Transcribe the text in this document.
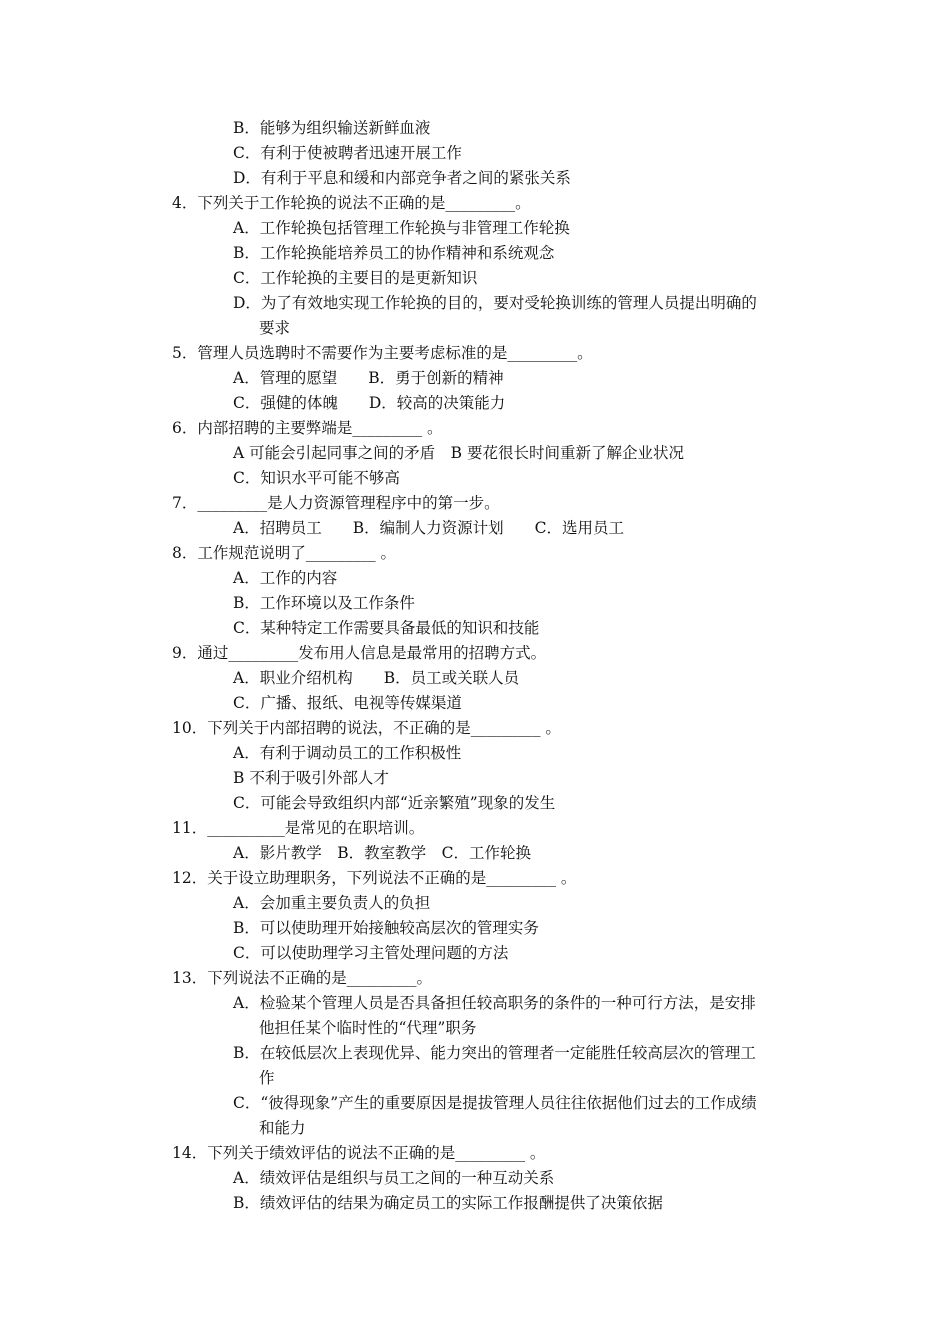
B．能够为组织输送新鲜血液
C．有利于使被聘者迅速开展工作
D．有利于平息和缓和内部竞争者之间的紧张关系
4．下列关于工作轮换的说法不正确的是_________。
A．工作轮换包括管理工作轮换与非管理工作轮换
B．工作轮换能培养员工的协作精神和系统观念
C．工作轮换的主要目的是更新知识
D．为了有效地实现工作轮换的目的，要对受轮换训练的管理人员提出明确的
要求
5．管理人员选聘时不需要作为主要考虑标准的是_________。
A．管理的愿望　　B．勇于创新的精神
C．强健的体魄　　D．较高的决策能力
6．内部招聘的主要弊端是_________ 。
A 可能会引起同事之间的矛盾　B 要花很长时间重新了解企业状况
C．知识水平可能不够高
7．_________是人力资源管理程序中的第一步。
A．招聘员工　　B．编制人力资源计划　　C．选用员工
8．工作规范说明了_________ 。
A．工作的内容
B．工作环境以及工作条件
C．某种特定工作需要具备最低的知识和技能
9．通过_________发布用人信息是最常用的招聘方式。
A．职业介绍机构　　B．员工或关联人员
C．广播、报纸、电视等传媒渠道
10．下列关于内部招聘的说法，不正确的是_________ 。
A．有利于调动员工的工作积极性
B 不利于吸引外部人才
C．可能会导致组织内部“近亲繁殖”现象的发生
11．__________是常见的在职培训。
A．影片教学　B．教室教学　C．工作轮换
12．关于设立助理职务，下列说法不正确的是_________ 。
A．会加重主要负责人的负担
B．可以使助理开始接触较高层次的管理实务
C．可以使助理学习主管处理问题的方法
13．下列说法不正确的是_________。
A．检验某个管理人员是否具备担任较高职务的条件的一种可行方法，是安排
他担任某个临时性的“代理”职务
B．在较低层次上表现优异、能力突出的管理者一定能胜任较高层次的管理工
作
C．“彼得现象”产生的重要原因是提拔管理人员往往依据他们过去的工作成绩
和能力
14．下列关于绩效评估的说法不正确的是_________ 。
A．绩效评估是组织与员工之间的一种互动关系
B．绩效评估的结果为确定员工的实际工作报酬提供了决策依据
